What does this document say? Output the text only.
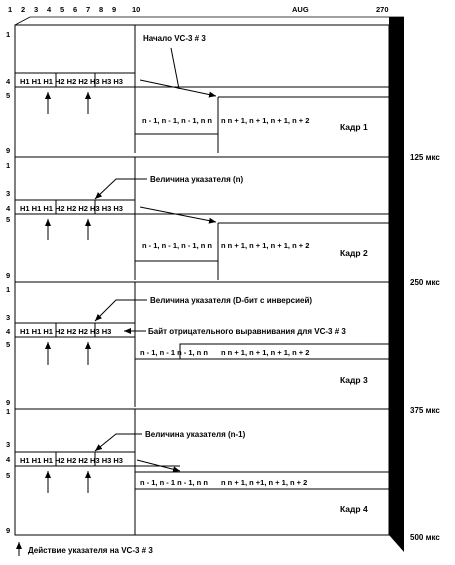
1 2 3 4 5 6 7 8 9 10	AUG	270
125 мкс
250 мкс
375 мкс
500 мкс
1
4
5
9
H1 H1 H1 H2 H2 H2 H3 H3 H3
n - 1, n - 1, n - 1, n n n n + 1, n + 1, n + 1, n + 2
Кадр 1
Начало VC-3 # 3
1
3
4
5
9
H1 H1 H1 H2 H2 H2 H3 H3 H3
n - 1, n - 1, n - 1, n n n n + 1, n + 1, n + 1, n + 2
Кадр 2
Величина указателя (n)
1
3
4
5
9
H1 H1 H1 H2 H2 H2 H3 H3
n - 1, n - 1 n - 1, n n n n + 1, n + 1, n + 1, n + 2
Кадр 3
Величина указателя (D-бит с инверсией)
Байт отрицательного выравнивания для VC-3 # 3
1
3
4
5
9
H1 H1 H1 H2 H2 H2 H3 H3 H3
n - 1, n - 1 n - 1, n n n n + 1, n +1, n + 1, n + 2
Кадр 4
Величина указателя (n-1)
Действие указателя на VC-3 # 3
